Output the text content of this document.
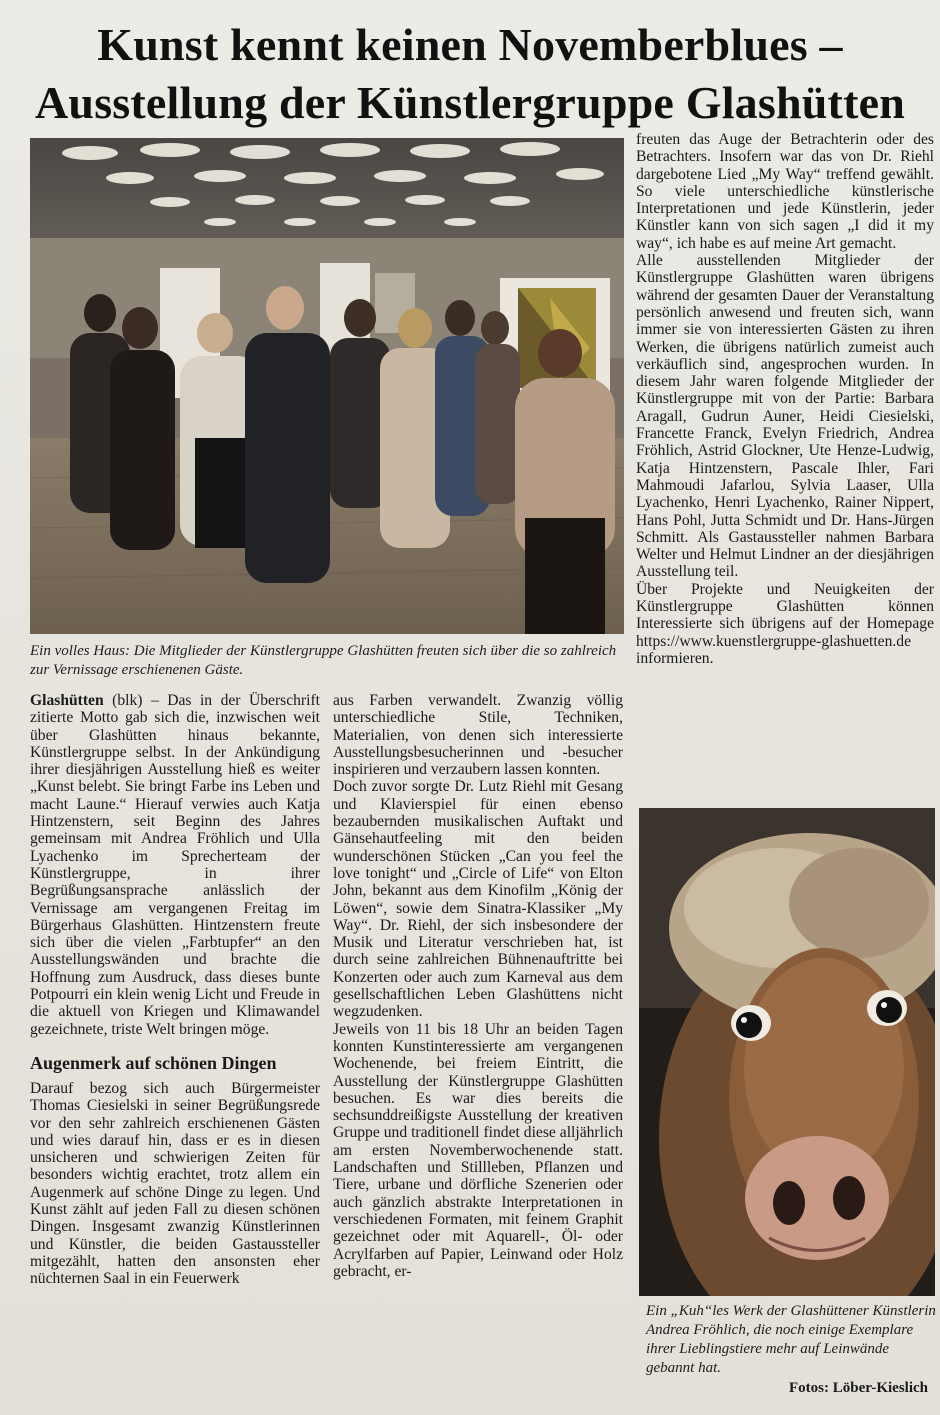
Kunst kennt keinen Novemberblues –
Ausstellung der Künstlergruppe Glashütten
Ein volles Haus: Die Mitglieder der Künstlergruppe Glashütten freuten sich über die so zahlreich zur Vernissage erschienenen Gäste.

Glashütten (blk) – Das in der Überschrift zitierte Motto gab sich die, inzwischen weit über Glashütten hinaus bekannte, Künstlergruppe selbst. In der Ankündigung ihrer diesjährigen Ausstellung hieß es weiter „Kunst belebt. Sie bringt Farbe ins Leben und macht Laune.“ Hierauf verwies auch Katja Hintzenstern, seit Beginn des Jahres gemeinsam mit Andrea Fröhlich und Ulla Lyachenko im Sprecherteam der Künstlergruppe, in ihrer Begrüßungsansprache anlässlich der Vernissage am vergangenen Freitag im Bürgerhaus Glashütten. Hintzenstern freute sich über die vielen „Farbtupfer“ an den Ausstellungswänden und brachte die Hoffnung zum Ausdruck, dass dieses bunte Potpourri ein klein wenig Licht und Freude in die aktuell von Kriegen und Klimawandel gezeichnete, triste Welt bringen möge.

Augenmerk auf schönen Dingen

Darauf bezog sich auch Bürgermeister Thomas Ciesielski in seiner Begrüßungsrede vor den sehr zahlreich erschienenen Gästen und wies darauf hin, dass er es in diesen unsicheren und schwierigen Zeiten für besonders wichtig erachtet, trotz allem ein Augenmerk auf schöne Dinge zu legen. Und Kunst zählt auf jeden Fall zu diesen schönen Dingen. Insgesamt zwanzig Künstlerinnen und Künstler, die beiden Gastaussteller mitgezählt, hatten den ansonsten eher nüchternen Saal in ein Feuerwerk

aus Farben verwandelt. Zwanzig völlig unterschiedliche Stile, Techniken, Materialien, von denen sich interessierte Ausstellungsbesucherinnen und -besucher inspirieren und verzaubern lassen konnten.

Doch zuvor sorgte Dr. Lutz Riehl mit Gesang und Klavierspiel für einen ebenso bezaubernden musikalischen Auftakt und Gänsehautfeeling mit den beiden wunderschönen Stücken „Can you feel the love tonight“ und „Circle of Life“ von Elton John, bekannt aus dem Kinofilm „König der Löwen“, sowie dem Sinatra-Klassiker „My Way“. Dr. Riehl, der sich insbesondere der Musik und Literatur verschrieben hat, ist durch seine zahlreichen Bühnenauftritte bei Konzerten oder auch zum Karneval aus dem gesellschaftlichen Leben Glashüttens nicht wegzudenken.

Jeweils von 11 bis 18 Uhr an beiden Tagen konnten Kunstinteressierte am vergangenen Wochenende, bei freiem Eintritt, die Ausstellung der Künstlergruppe Glashütten besuchen. Es war dies bereits die sechsunddreißigste Ausstellung der kreativen Gruppe und traditionell findet diese alljährlich am ersten Novemberwochenende statt. Landschaften und Stillleben, Pflanzen und Tiere, urbane und dörfliche Szenerien oder auch gänzlich abstrakte Interpretationen in verschiedenen Formaten, mit feinem Graphit gezeichnet oder mit Aquarell-, Öl- oder Acrylfarben auf Papier, Leinwand oder Holz gebracht, er-

freuten das Auge der Betrachterin oder des Betrachters. Insofern war das von Dr. Riehl dargebotene Lied „My Way“ treffend gewählt. So viele unterschiedliche künstlerische Interpretationen und jede Künstlerin, jeder Künstler kann von sich sagen „I did it my way“, ich habe es auf meine Art gemacht.

Alle ausstellenden Mitglieder der Künstlergruppe Glashütten waren übrigens während der gesamten Dauer der Veranstaltung persönlich anwesend und freuten sich, wann immer sie von interessierten Gästen zu ihren Werken, die übrigens natürlich zumeist auch verkäuflich sind, angesprochen wurden. In diesem Jahr waren folgende Mitglieder der Künstlergruppe mit von der Partie: Barbara Aragall, Gudrun Auner, Heidi Ciesielski, Francette Franck, Evelyn Friedrich, Andrea Fröhlich, Astrid Glockner, Ute Henze-Ludwig, Katja Hintzenstern, Pascale Ihler, Fari Mahmoudi Jafarlou, Sylvia Laaser, Ulla Lyachenko, Henri Lyachenko, Rainer Nippert, Hans Pohl, Jutta Schmidt und Dr. Hans-Jürgen Schmitt. Als Gastaussteller nahmen Barbara Welter und Helmut Lindner an der diesjährigen Ausstellung teil.

Über Projekte und Neuigkeiten der Künstlergruppe Glashütten können Interessierte sich übrigens auf der Homepage https://www.kuenstlergruppe-glashuetten.de informieren.

Ein „Kuh“les Werk der Glashüttener Künstlerin Andrea Fröhlich, die noch einige Exemplare ihrer Lieblingstiere mehr auf Leinwände gebannt hat.
Fotos: Löber-Kieslich
